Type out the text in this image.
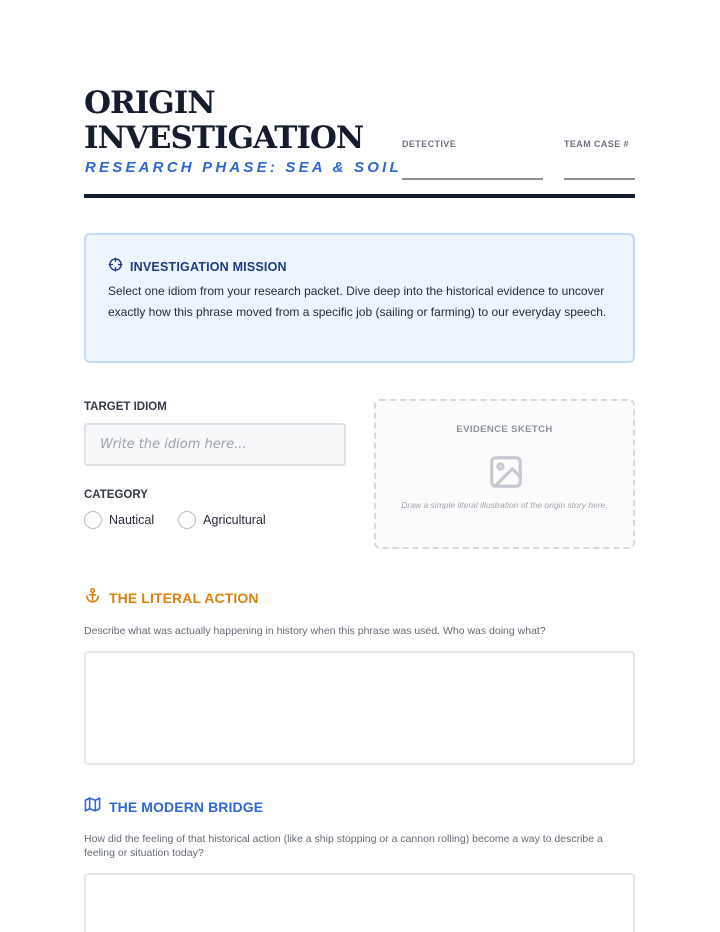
ORIGIN
INVESTIGATION
RESEARCH PHASE: SEA & SOIL
DETECTIVE	TEAM CASE #
INVESTIGATION MISSION
Select one idiom from your research packet. Dive deep into the historical evidence to uncover exactly how this phrase moved from a specific job (sailing or farming) to our everyday speech.
TARGET IDIOM
Write the idiom here...
CATEGORY
Nautical	Agricultural
EVIDENCE SKETCH
Draw a simple literal illustration of the origin story here.
THE LITERAL ACTION
Describe what was actually happening in history when this phrase was used. Who was doing what?
THE MODERN BRIDGE
How did the feeling of that historical action (like a ship stopping or a cannon rolling) become a way to describe a feeling or situation today?
